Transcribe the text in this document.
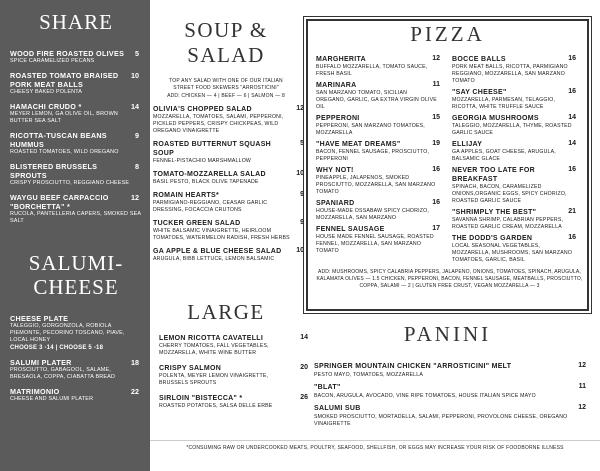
SHARE
WOOD FIRE ROASTED OLIVES
SPICE CARAMELIZED PECANS
5
ROASTED TOMATO BRAISED PORK MEAT BALLS
CHEESY BAKED POLENTA
10
HAMACHI CRUDO *
MEYER LEMON, GA OLIVE OIL, BROWN BUTTER SEA SALT
14
RICOTTA-TUSCAN BEANS HUMMUS
ROASTED TOMATOES, WILD OREGANO
9
BLISTERED BRUSSELS SPROUTS
CRISPY PROSCIUTTO, REGGIANO CHEESE
8
WAYGU BEEF CARPACCIO "BORCHETTA" *
RUCOLA, PANTELLERIA CAPERS, SMOKED SEA SALT
12
SALUMI-
CHEESE
CHEESE PLATE
TALEGGIO, GORGONZOLA, ROBIOLA PIEMONTE, PECORINO TOSCANO, PIAVE, LOCAL HONEY
CHOOSE 3 -14 | CHOOSE 5 -18
SALUMI PLATER
PROSCIUTTO, GABAGOOL, SALAME, BRESAOLA, COPPA, CIABATTA BREAD
18
MATRIMONIO
CHEESE AND SALUMI PLATER
22
SOUP &
SALAD
TOP ANY SALAD WITH ONE OF OUR ITALIAN STREET FOOD SKEWERS "ARROSTICINI"
ADD: CHICKEN — 4 | BEEF — 6 | SALMON — 8
OLIVIA'S CHOPPED SALAD
MOZZARELLA, TOMATOES, SALAMI, PEPPERONI, PICKLED PEPPERS, CRISPY CHICKPEAS, WILD OREGANO VINAIGRETTE
12
ROASTED BUTTERNUT SQUASH SOUP
FENNEL-PISTACHIO MARSHMALLOW
5
TOMATO-MOZZARELLA SALAD
BASIL PESTO, BLACK OLIVE TAPENADE
10
ROMAIN HEARTS*
PARMIGIANO-REGGIANO, CEASAR GARLIC DRESSING, FOCACCIA CRUTONS
9
TUCKER GREEN SALAD
WHITE BALSAMIC VINAIGRETTE, HEIRLOOM TOMATOES, WATERMELON RADISH, FRESH HERBS
9
GA APPLE & BLUE CHEESE SALAD
ARUGULA, BIBB LETTUCE, LEMON BALSAMIC
10
LARGE
LEMON RICOTTA CAVATELLI
CHERRY TOMATOES, FALL VEGETABLES, MOZZARELLA, WHITE WINE BUTTER
14
CRISPY SALMON
POLENTA, MEYER LEMON VINAIGRETTE, BRUSSELS SPROUTS
20
SIRLOIN "BISTECCA" *
ROASTED POTATOES, SALSA DELLE ERBE
26
PIZZA
MARGHERITA
BUFFALO MOZZARELLA, TOMATO SAUCE, FRESH BASIL
12
MARINARA
SAN MARZANO TOMATO, SICILIAN OREGANO, GARLIC, GA EXTRA VIRGIN OLIVE OIL
11
PEPPERONI
PEPPERONI, SAN MARZANO TOMATOES, MOZZARELLA
15
"HAVE MEAT DREAMS"
BACON, FENNEL SAUSAGE, PROSCIUTTO, PEPPERONI
19
WHY NOT!
PINEAPPLE, JALAPENOS, SMOKED PROSCIUTTO, MOZZARELLA, SAN MARZANO TOMATO
16
SPANIARD
HOUSE-MADE OSSABAW SPICY CHORIZO, MOZZARELLA, SAN MARZANO
16
FENNEL SAUSAGE
HOUSE MADE FENNEL SAUSAGE, ROASTED FENNEL, MOZZARELLA, SAN MARZANO TOMATO
17
BOCCE BALLS
PORK MEAT BALLS, RICOTTA, PARMIGIANO REGGIANO, MOZZARELLA, SAN MARZANO TOMATO
16
"SAY CHEESE"
MOZZARELLA, PARMESAN, TELAGGIO, RICOTTA, WHITE TRUFFLE SAUCE
16
GEORGIA MUSHROOMS
TALEGGIO, MOZZARELLA, THYME, ROASTED GARLIC SAUCE
14
ELLIJAY
GA APPLES, GOAT CHEESE, ARUGULA, BALSAMIC GLACE
14
NEVER TOO LATE FOR BREAKFAST
SPINACH, BACON, CARAMELIZED ONIONS,ORGANIC EGGS, SPICY CHORIZO, ROASTED GARLIC SAUCE
16
"SHRIMPLY THE BEST"
SAVANNA SHRIMP, CALABRIAN PEPPERS, ROASTED GARLIC CREAM, MOZZARELLA
21
THE DODD'S GARDEN
LOCAL SEASONAL VEGETABLES, MOZZARELLA, MUSHROOMS, SAN MARZANO TOMATOES, GARLIC, BASIL
16
ADD: MUSHROOMS, SPICY CALABRIA PEPPERS, JALAPENO, ONIONS, TOMATOES, SPINACH, ARUGULA, KALAMATA OLIVES — 1.5 CHICKEN, PEPPERONI, BACON, FENNEL SAUSAGE, MEATBALLS, PROSCIUTTO, COPPA, SALAMI — 2 | GLUTEN FREE CRUST, VEGAN MOZZARELLA — 3
PANINI
SPRINGER MOUNTAIN CHICKEN "ARROSTICINI" MELT
PESTO MAYO, TOMATOES, MOZZARELLA
12
"BLAT"
BACON, ARUGULA, AVOCADO, VINE RIPE TOMATOES, HOUSE ITALIAN SPICE MAYO
11
SALUMI SUB
SMOKED PROSCIUTTO, MORTADELLA, SALAMI, PEPPERONI, PROVOLONE CHEESE, OREGANO VINAIGRETTE
12
*CONSUMING RAW OR UNDERCOOKED MEATS, POULTRY, SEAFOOD, SHELLFISH, OR EGGS MAY INCREASE YOUR RISK OF FOODBORNE ILLNESS
